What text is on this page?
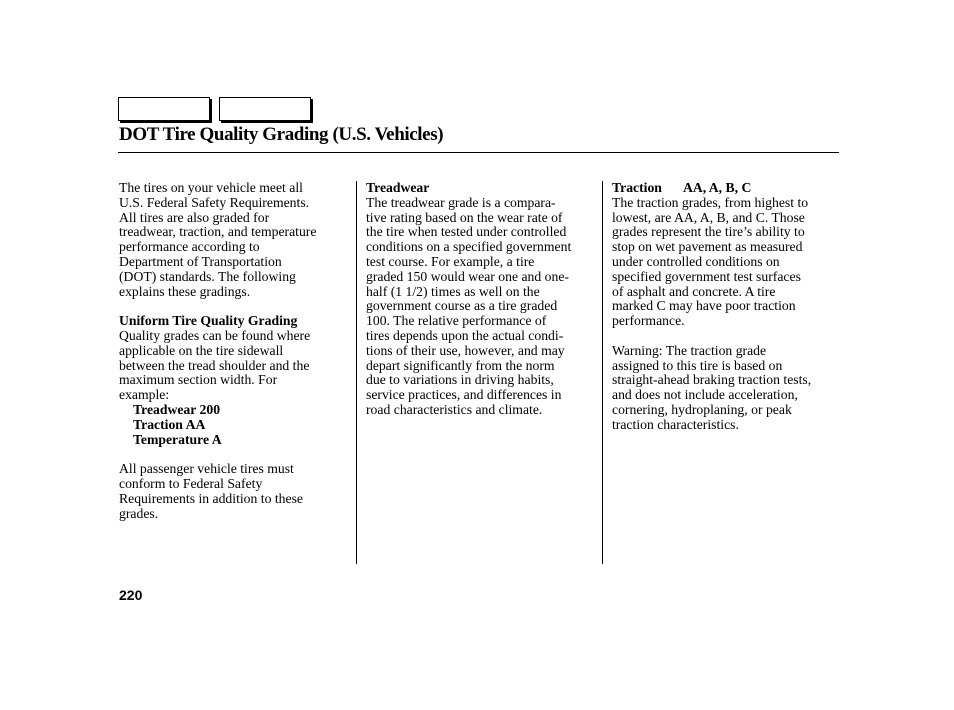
DOT Tire Quality Grading (U.S. Vehicles)
The tires on your vehicle meet all
U.S. Federal Safety Requirements.
All tires are also graded for
treadwear, traction, and temperature
performance according to
Department of Transportation
(DOT) standards. The following
explains these gradings.
Uniform Tire Quality Grading
Quality grades can be found where
applicable on the tire sidewall
between the tread shoulder and the
maximum section width. For
example:
Treadwear 200
Traction AA
Temperature A
All passenger vehicle tires must
conform to Federal Safety
Requirements in addition to these
grades.
Treadwear
The treadwear grade is a compara-
tive rating based on the wear rate of
the tire when tested under controlled
conditions on a specified government
test course. For example, a tire
graded 150 would wear one and one-
half (1 1/2) times as well on the
government course as a tire graded
100. The relative performance of
tires depends upon the actual condi-
tions of their use, however, and may
depart significantly from the norm
due to variations in driving habits,
service practices, and differences in
road characteristics and climate.
Traction AA, A, B, C
The traction grades, from highest to
lowest, are AA, A, B, and C. Those
grades represent the tire’s ability to
stop on wet pavement as measured
under controlled conditions on
specified government test surfaces
of asphalt and concrete. A tire
marked C may have poor traction
performance.
Warning: The traction grade
assigned to this tire is based on
straight-ahead braking traction tests,
and does not include acceleration,
cornering, hydroplaning, or peak
traction characteristics.
220
